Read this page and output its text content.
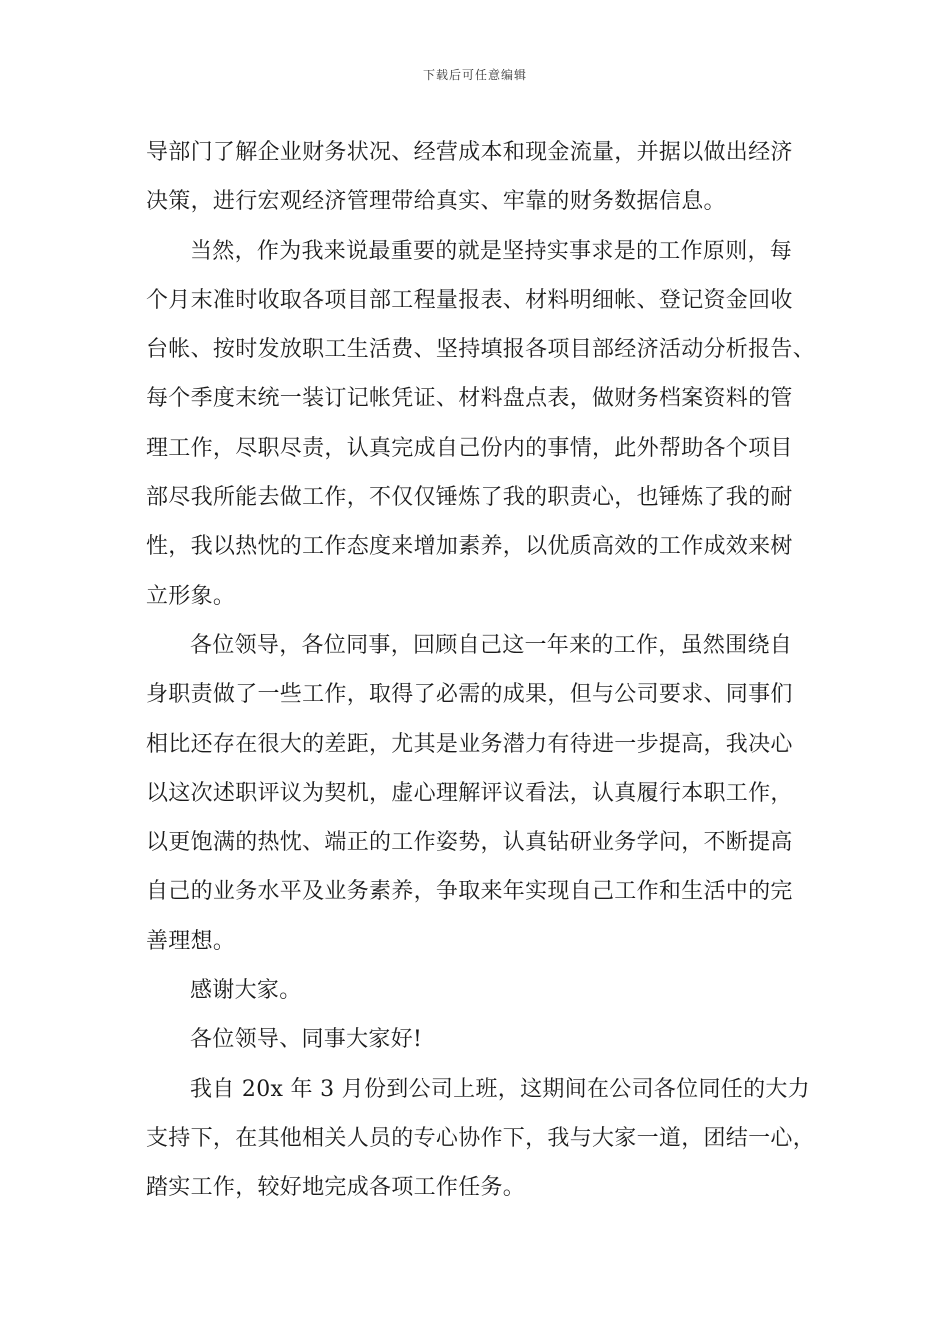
下载后可任意编辑
导部门了解企业财务状况、经营成本和现金流量，并据以做出经济
决策，进行宏观经济管理带给真实、牢靠的财务数据信息。
当然，作为我来说最重要的就是坚持实事求是的工作原则，每
个月末准时收取各项目部工程量报表、材料明细帐、登记资金回收
台帐、按时发放职工生活费、坚持填报各项目部经济活动分析报告、
每个季度末统一装订记帐凭证、材料盘点表，做财务档案资料的管
理工作，尽职尽责，认真完成自己份内的事情，此外帮助各个项目
部尽我所能去做工作，不仅仅锤炼了我的职责心，也锤炼了我的耐
性，我以热忱的工作态度来增加素养，以优质高效的工作成效来树
立形象。
各位领导，各位同事，回顾自己这一年来的工作，虽然围绕自
身职责做了一些工作，取得了必需的成果，但与公司要求、同事们
相比还存在很大的差距，尤其是业务潜力有待进一步提高，我决心
以这次述职评议为契机，虚心理解评议看法，认真履行本职工作，
以更饱满的热忱、端正的工作姿势，认真钻研业务学问，不断提高
自己的业务水平及业务素养，争取来年实现自己工作和生活中的完
善理想。
感谢大家。
各位领导、同事大家好!
我自 20x 年 3 月份到公司上班，这期间在公司各位同任的大力
支持下，在其他相关人员的专心协作下，我与大家一道，团结一心，
踏实工作，较好地完成各项工作任务。
